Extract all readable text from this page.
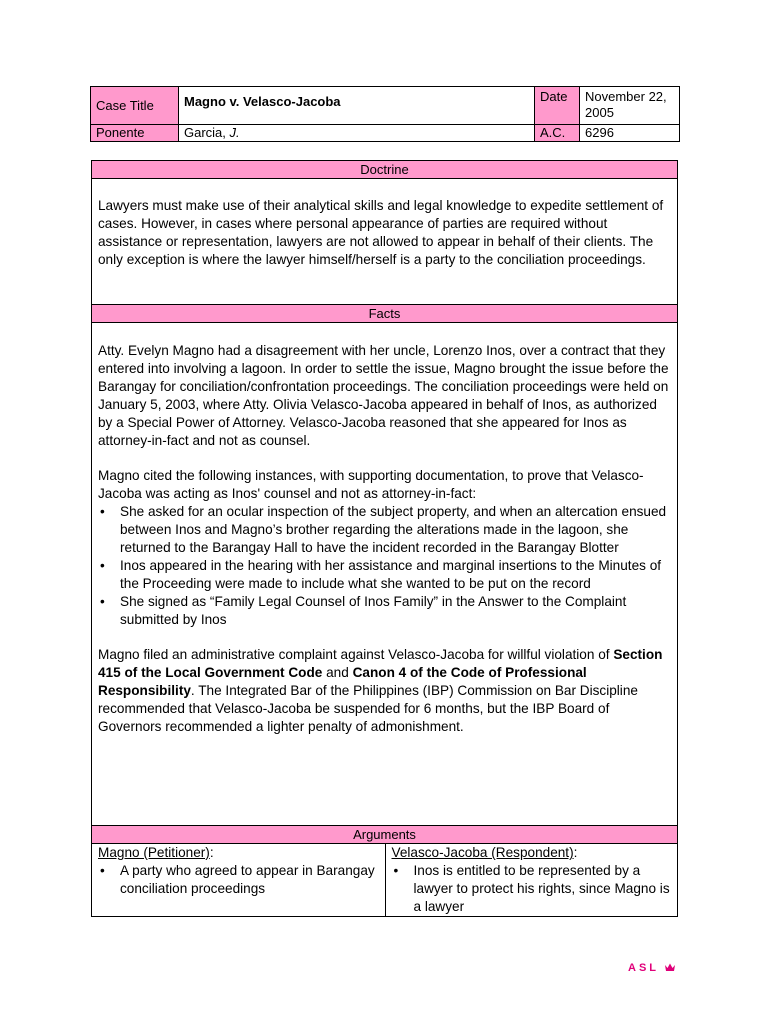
Case Title	Magno v. Velasco-Jacoba	Date	November 22, 2005
Ponente	Garcia, J.	A.C.	6296
Doctrine

Lawyers must make use of their analytical skills and legal knowledge to expedite settlement of cases. However, in cases where personal appearance of parties are required without assistance or representation, lawyers are not allowed to appear in behalf of their clients. The only exception is where the lawyer himself/herself is a party to the conciliation proceedings.

Facts

Atty. Evelyn Magno had a disagreement with her uncle, Lorenzo Inos, over a contract that they entered into involving a lagoon. In order to settle the issue, Magno brought the issue before the Barangay for conciliation/confrontation proceedings. The conciliation proceedings were held on January 5, 2003, where Atty. Olivia Velasco-Jacoba appeared in behalf of Inos, as authorized by a Special Power of Attorney. Velasco-Jacoba reasoned that she appeared for Inos as attorney-in-fact and not as counsel.

Magno cited the following instances, with supporting documentation, to prove that Velasco-Jacoba was acting as Inos' counsel and not as attorney-in-fact:

• She asked for an ocular inspection of the subject property, and when an altercation ensued between Inos and Magno’s brother regarding the alterations made in the lagoon, she returned to the Barangay Hall to have the incident recorded in the Barangay Blotter
• Inos appeared in the hearing with her assistance and marginal insertions to the Minutes of the Proceeding were made to include what she wanted to be put on the record
• She signed as “Family Legal Counsel of Inos Family” in the Answer to the Complaint submitted by Inos

Magno filed an administrative complaint against Velasco-Jacoba for willful violation of Section 415 of the Local Government Code and Canon 4 of the Code of Professional Responsibility. The Integrated Bar of the Philippines (IBP) Commission on Bar Discipline recommended that Velasco-Jacoba be suspended for 6 months, but the IBP Board of Governors recommended a lighter penalty of admonishment.

Arguments
Magno (Petitioner):
• A party who agreed to appear in Barangay conciliation proceedings
Velasco-Jacoba (Respondent):
• Inos is entitled to be represented by a lawyer to protect his rights, since Magno is a lawyer
ASL
